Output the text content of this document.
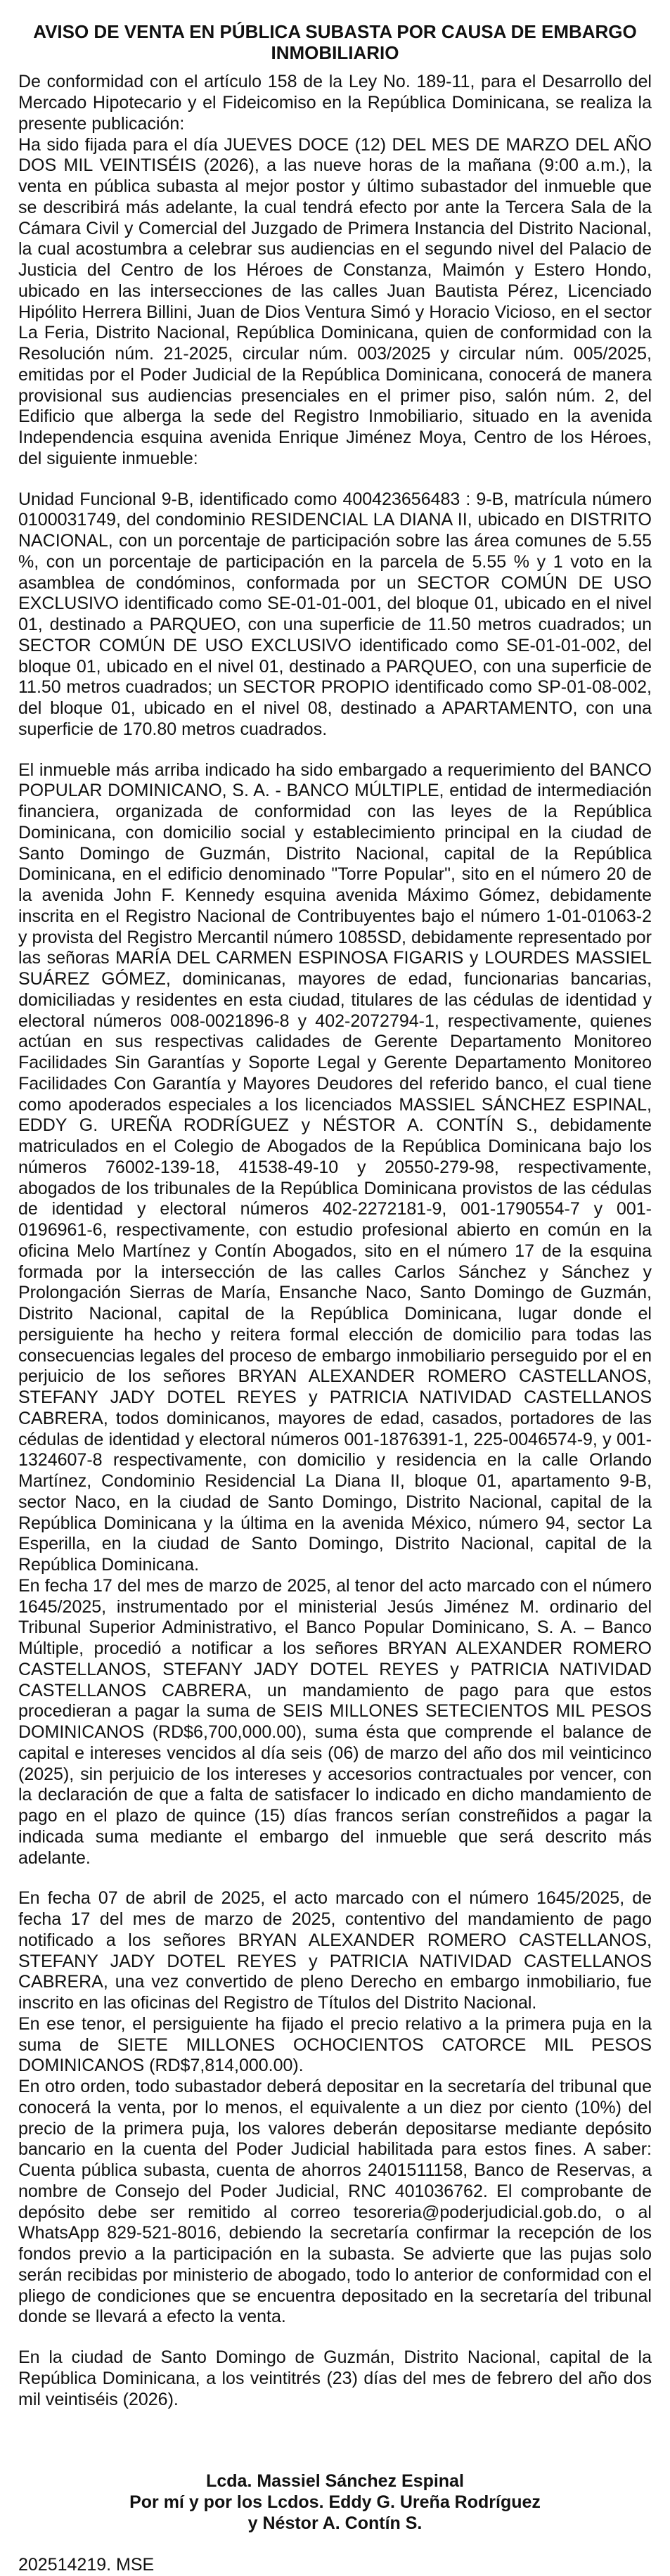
AVISO DE VENTA EN PÚBLICA SUBASTA POR CAUSA DE EMBARGO INMOBILIARIO

De conformidad con el artículo 158 de la Ley No. 189-11, para el Desarrollo del Mercado Hipotecario y el Fideicomiso en la República Dominicana, se realiza la presente publicación:

Ha sido fijada para el día JUEVES DOCE (12) DEL MES DE MARZO DEL AÑO DOS MIL VEINTISÉIS (2026), a las nueve horas de la mañana (9:00 a.m.), la venta en pública subasta al mejor postor y último subastador del inmueble que se describirá más adelante, la cual tendrá efecto por ante la Tercera Sala de la Cámara Civil y Comercial del Juzgado de Primera Instancia del Distrito Nacional, la cual acostumbra a celebrar sus audiencias en el segundo nivel del Palacio de Justicia del Centro de los Héroes de Constanza, Maimón y Estero Hondo, ubicado en las intersecciones de las calles Juan Bautista Pérez, Licenciado Hipólito Herrera Billini, Juan de Dios Ventura Simó y Horacio Vicioso, en el sector La Feria, Distrito Nacional, República Dominicana, quien de conformidad con la Resolución núm. 21-2025, circular núm. 003/2025 y circular núm. 005/2025, emitidas por el Poder Judicial de la República Dominicana, conocerá de manera provisional sus audiencias presenciales en el primer piso, salón núm. 2, del Edificio que alberga la sede del Registro Inmobiliario, situado en la avenida Independencia esquina avenida Enrique Jiménez Moya, Centro de los Héroes, del siguiente inmueble:

Unidad Funcional 9-B, identificado como 400423656483 : 9-B, matrícula número 0100031749, del condominio RESIDENCIAL LA DIANA II, ubicado en DISTRITO NACIONAL, con un porcentaje de participación sobre las área comunes de 5.55 %, con un porcentaje de participación en la parcela de 5.55 % y 1 voto en la asamblea de condóminos, conformada por un SECTOR COMÚN DE USO EXCLUSIVO identificado como SE-01-01-001, del bloque 01, ubicado en el nivel 01, destinado a PARQUEO, con una superficie de 11.50 metros cuadrados; un SECTOR COMÚN DE USO EXCLUSIVO identificado como SE-01-01-002, del bloque 01, ubicado en el nivel 01, destinado a PARQUEO, con una superficie de 11.50 metros cuadrados; un SECTOR PROPIO identificado como SP-01-08-002, del bloque 01, ubicado en el nivel 08, destinado a APARTAMENTO, con una superficie de 170.80 metros cuadrados.

El inmueble más arriba indicado ha sido embargado a requerimiento del BANCO POPULAR DOMINICANO, S. A. - BANCO MÚLTIPLE, entidad de intermediación financiera, organizada de conformidad con las leyes de la República Dominicana, con domicilio social y establecimiento principal en la ciudad de Santo Domingo de Guzmán, Distrito Nacional, capital de la República Dominicana, en el edificio denominado "Torre Popular", sito en el número 20 de la avenida John F. Kennedy esquina avenida Máximo Gómez, debidamente inscrita en el Registro Nacional de Contribuyentes bajo el número 1-01-01063-2 y provista del Registro Mercantil número 1085SD, debidamente representado por las señoras MARÍA DEL CARMEN ESPINOSA FIGARIS y LOURDES MASSIEL SUÁREZ GÓMEZ, dominicanas, mayores de edad, funcionarias bancarias, domiciliadas y residentes en esta ciudad, titulares de las cédulas de identidad y electoral números 008-0021896-8 y 402-2072794-1, respectivamente, quienes actúan en sus respectivas calidades de Gerente Departamento Monitoreo Facilidades Sin Garantías y Soporte Legal y Gerente Departamento Monitoreo Facilidades Con Garantía y Mayores Deudores del referido banco, el cual tiene como apoderados especiales a los licenciados MASSIEL SÁNCHEZ ESPINAL, EDDY G. UREÑA RODRÍGUEZ y NÉSTOR A. CONTÍN S., debidamente matriculados en el Colegio de Abogados de la República Dominicana bajo los números 76002-139-18, 41538-49-10 y 20550-279-98, respectivamente, abogados de los tribunales de la República Dominicana provistos de las cédulas de identidad y electoral números 402-2272181-9, 001-1790554-7 y 001-0196961-6, respectivamente, con estudio profesional abierto en común en la oficina Melo Martínez y Contín Abogados, sito en el número 17 de la esquina formada por la intersección de las calles Carlos Sánchez y Sánchez y Prolongación Sierras de María, Ensanche Naco, Santo Domingo de Guzmán, Distrito Nacional, capital de la República Dominicana, lugar donde el persiguiente ha hecho y reitera formal elección de domicilio para todas las consecuencias legales del proceso de embargo inmobiliario perseguido por el en perjuicio de los señores BRYAN ALEXANDER ROMERO CASTELLANOS, STEFANY JADY DOTEL REYES y PATRICIA NATIVIDAD CASTELLANOS CABRERA, todos dominicanos, mayores de edad, casados, portadores de las cédulas de identidad y electoral números 001-1876391-1, 225-0046574-9, y 001-1324607-8 respectivamente, con domicilio y residencia en la calle Orlando Martínez, Condominio Residencial La Diana II, bloque 01, apartamento 9-B, sector Naco, en la ciudad de Santo Domingo, Distrito Nacional, capital de la República Dominicana y la última en la avenida México, número 94, sector La Esperilla, en la ciudad de Santo Domingo, Distrito Nacional, capital de la República Dominicana.

En fecha 17 del mes de marzo de 2025, al tenor del acto marcado con el número 1645/2025, instrumentado por el ministerial Jesús Jiménez M. ordinario del Tribunal Superior Administrativo, el Banco Popular Dominicano, S. A. – Banco Múltiple, procedió a notificar a los señores BRYAN ALEXANDER ROMERO CASTELLANOS, STEFANY JADY DOTEL REYES y PATRICIA NATIVIDAD CASTELLANOS CABRERA, un mandamiento de pago para que estos procedieran a pagar la suma de SEIS MILLONES SETECIENTOS MIL PESOS DOMINICANOS (RD$6,700,000.00), suma ésta que comprende el balance de capital e intereses vencidos al día seis (06) de marzo del año dos mil veinticinco (2025), sin perjuicio de los intereses y accesorios contractuales por vencer, con la declaración de que a falta de satisfacer lo indicado en dicho mandamiento de pago en el plazo de quince (15) días francos serían constreñidos a pagar la indicada suma mediante el embargo del inmueble que será descrito más adelante.

En fecha 07 de abril de 2025, el acto marcado con el número 1645/2025, de fecha 17 del mes de marzo de 2025, contentivo del mandamiento de pago notificado a los señores BRYAN ALEXANDER ROMERO CASTELLANOS, STEFANY JADY DOTEL REYES y PATRICIA NATIVIDAD CASTELLANOS CABRERA, una vez convertido de pleno Derecho en embargo inmobiliario, fue inscrito en las oficinas del Registro de Títulos del Distrito Nacional.

En ese tenor, el persiguiente ha fijado el precio relativo a la primera puja en la suma de SIETE MILLONES OCHOCIENTOS CATORCE MIL PESOS DOMINICANOS (RD$7,814,000.00).

En otro orden, todo subastador deberá depositar en la secretaría del tribunal que conocerá la venta, por lo menos, el equivalente a un diez por ciento (10%) del precio de la primera puja, los valores deberán depositarse mediante depósito bancario en la cuenta del Poder Judicial habilitada para estos fines. A saber: Cuenta pública subasta, cuenta de ahorros 2401511158, Banco de Reservas, a nombre de Consejo del Poder Judicial, RNC 401036762. El comprobante de depósito debe ser remitido al correo tesoreria@poderjudicial.gob.do, o al WhatsApp 829-521-8016, debiendo la secretaría confirmar la recepción de los fondos previo a la participación en la subasta. Se advierte que las pujas solo serán recibidas por ministerio de abogado, todo lo anterior de conformidad con el pliego de condiciones que se encuentra depositado en la secretaría del tribunal donde se llevará a efecto la venta.

En la ciudad de Santo Domingo de Guzmán, Distrito Nacional, capital de la República Dominicana, a los veintitrés (23) días del mes de febrero del año dos mil veintiséis (2026).

Lcda. Massiel Sánchez Espinal
Por mí y por los Lcdos. Eddy G. Ureña Rodríguez
y Néstor A. Contín S.
202514219. MSE
